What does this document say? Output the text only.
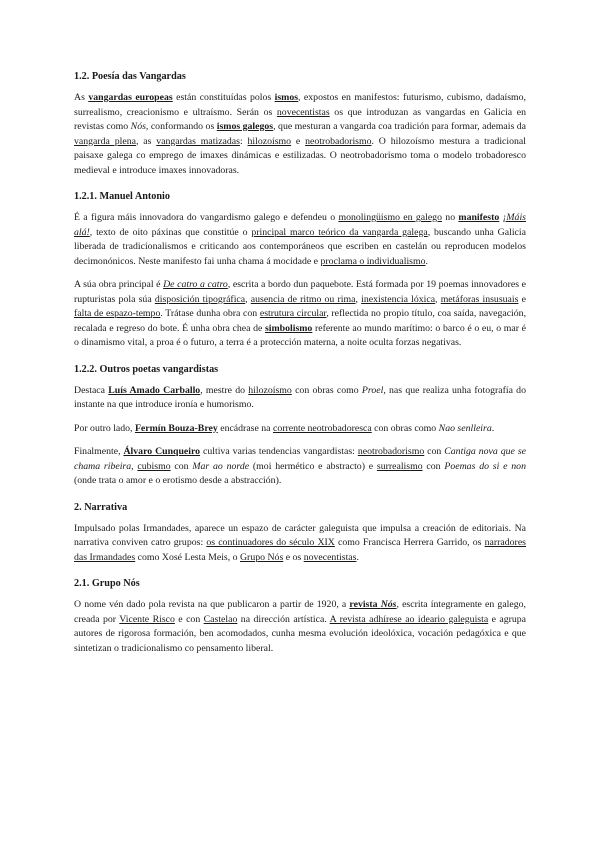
1.2. Poesía das Vangardas

As vangardas europeas están constituídas polos ismos, expostos en manifestos: futurismo, cubismo, dadaísmo, surrealismo, creacionismo e ultraísmo. Serán os novecentistas os que introduzan as vangardas en Galicia en revistas como Nós, conformando os ismos galegos, que mesturan a vangarda coa tradición para formar, ademais da vangarda plena, as vangardas matizadas: hilozoísmo e neotrobadorismo. O hilozoísmo mestura a tradicional paisaxe galega co emprego de imaxes dinámicas e estilizadas. O neotrobadorismo toma o modelo trobadoresco medieval e introduce imaxes innovadoras.

1.2.1. Manuel Antonio

É a figura máis innovadora do vangardismo galego e defendeu o monolingüismo en galego no manifesto ¡Máis alá!, texto de oito páxinas que constitúe o principal marco teórico da vangarda galega, buscando unha Galicia liberada de tradicionalismos e criticando aos contemporáneos que escriben en castelán ou reproducen modelos decimonónicos. Neste manifesto fai unha chama á mocidade e proclama o individualismo.

A súa obra principal é De catro a catro, escrita a bordo dun paquebote. Está formada por 19 poemas innovadores e rupturistas pola súa disposición tipográfica, ausencia de ritmo ou rima, inexistencia lóxica, metáforas insusuais e falta de espazo-tempo. Trátase dunha obra con estrutura circular, reflectida no propio título, coa saída, navegación, recalada e regreso do bote. É unha obra chea de simbolismo referente ao mundo marítimo: o barco é o eu, o mar é o dinamismo vital, a proa é o futuro, a terra é a protección materna, a noite oculta forzas negativas.

1.2.2. Outros poetas vangardistas

Destaca Luís Amado Carballo, mestre do hilozoísmo con obras como Proel, nas que realiza unha fotografía do instante na que introduce ironía e humorismo.

Por outro lado, Fermín Bouza-Brey encádrase na corrente neotrobadoresca con obras como Nao senlleira.

Finalmente, Álvaro Cunqueiro cultiva varias tendencias vangardistas: neotrobadorismo con Cantiga nova que se chama ribeira, cubismo con Mar ao norde (moi hermético e abstracto) e surrealismo con Poemas do si e non (onde trata o amor e o erotismo desde a abstracción).

2. Narrativa

Impulsado polas Irmandades, aparece un espazo de carácter galeguista que impulsa a creación de editoriais. Na narrativa conviven catro grupos: os continuadores do século XIX como Francisca Herrera Garrido, os narradores das Irmandades como Xosé Lesta Meis, o Grupo Nós e os novecentistas.

2.1. Grupo Nós

O nome vén dado pola revista na que publicaron a partir de 1920, a revista Nós, escrita íntegramente en galego, creada por Vicente Risco e con Castelao na dirección artística. A revista adhírese ao ideario galeguista e agrupa autores de rigorosa formación, ben acomodados, cunha mesma evolución ideolóxica, vocación pedagóxica e que sintetizan o tradicionalismo co pensamento liberal.
